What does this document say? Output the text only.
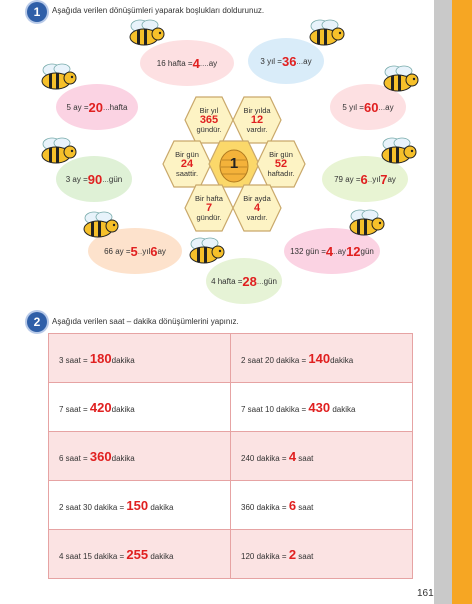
1	Aşağıda verilen dönüşümleri yaparak boşlukları doldurunuz.
16 hafta = 4 .... ay	3 yıl = 36 ... ay
5 ay = 20 ... hafta	5 yıl = 60 ... ay
3 ay = 90 ... gün	79 ay = 6 .. yıl 7 ay
66 ay = 5 .. yıl 6 ay	132 gün = 4 .. ay 12 gün
4 hafta = 28 ... gün
Bir yıl
365
gündür.
Bir yılda
12
vardır.
Bir gün
24
saattir.
1
Bir gün
52
haftadır.
Bir hafta
7
gündür.
Bir ayda
4
vardır.
2	Aşağıda verilen saat – dakika dönüşümlerini yapınız.
3 saat = 180dakika	2 saat 20 dakika = 140dakika
7 saat = 420dakika	7 saat 10 dakika = 430 dakika
6 saat = 360dakika	240 dakika = 4 saat
2 saat 30 dakika = 150 dakika	360 dakika = 6 saat
4 saat 15 dakika = 255 dakika	120 dakika = 2 saat
161
